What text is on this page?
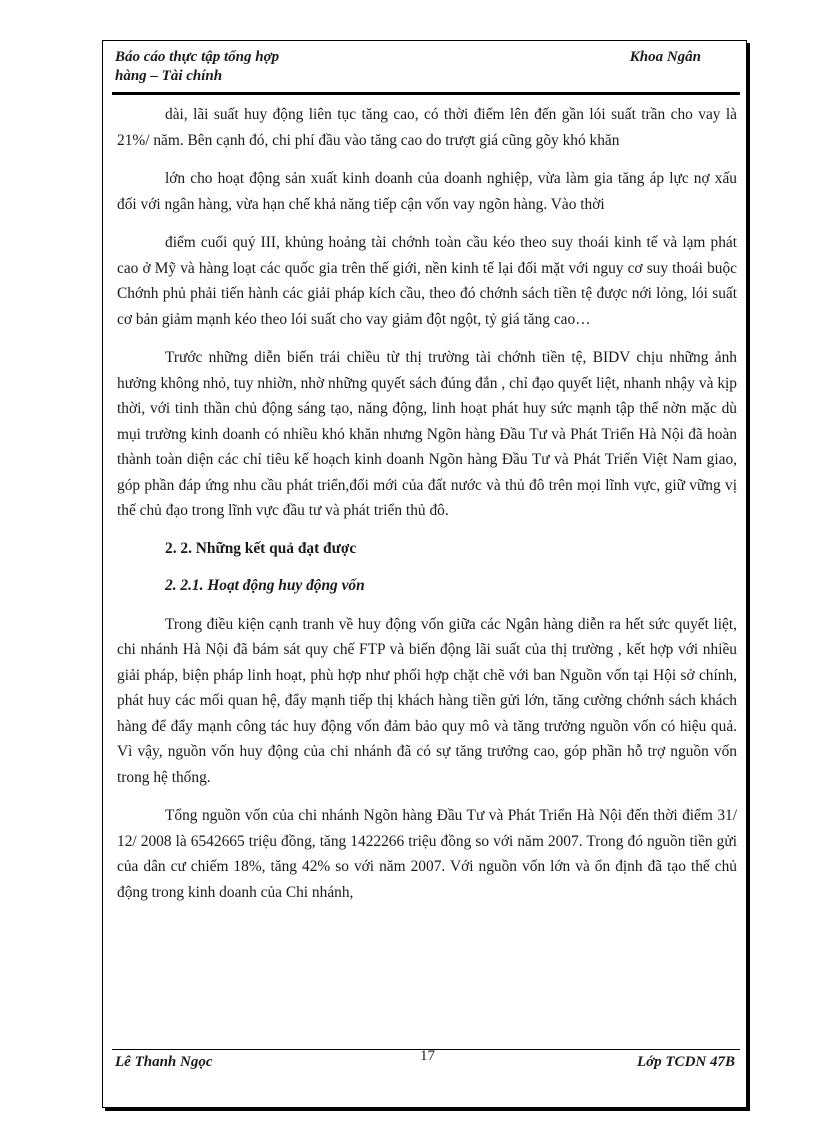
Báo cáo thực tập tổng hợp
hàng – Tài chính
Khoa Ngân

dài, lãi suất huy động liên tục tăng cao, có thời điểm lên đến gần lói suất trần cho vay là 21%/ năm. Bên cạnh đó, chi phí đầu vào tăng cao do trượt giá cũng gõy khó khăn

lớn cho hoạt động sản xuất kinh doanh của doanh nghiệp, vừa làm gia tăng áp lực nợ xấu đối với ngân hàng, vừa hạn chế khả năng tiếp cận vốn vay ngõn hàng. Vào thời

điểm cuối quý III, khủng hoảng tài chớnh toàn cầu kéo theo suy thoái kinh tế và lạm phát cao ở Mỹ và hàng loạt các quốc gia trên thế giới, nền kinh tế lại đối mặt với nguy cơ suy thoái buộc Chớnh phủ phải tiến hành các giải pháp kích cầu, theo đó chớnh sách tiền tệ được nới lỏng, lói suất cơ bản giảm mạnh kéo theo lói suất cho vay giảm đột ngột, tỷ giá tăng cao…

Trước những diễn biến trái chiều từ thị trường tài chớnh tiền tệ, BIDV chịu những ảnh hưởng không nhỏ, tuy nhiờn, nhờ những quyết sách đúng đắn , chỉ đạo quyết liệt, nhanh nhậy và kịp thời, với tinh thần chủ động sáng tạo, năng động, linh hoạt phát huy sức mạnh tập thể nờn mặc dù mụi trường kinh doanh có nhiều khó khăn nhưng Ngõn hàng Đầu Tư và Phát Triển Hà Nội đã hoàn thành toàn diện các chỉ tiêu kế hoạch kinh doanh Ngõn hàng Đầu Tư và Phát Triển Việt Nam giao, góp phần đáp ứng nhu cầu phát triển,đổi mới của đất nước và thủ đô trên mọi lĩnh vực, giữ vững vị thế chủ đạo trong lĩnh vực đầu tư và phát triển thủ đô.

2. 2. Những kết quả đạt được
2. 2.1. Hoạt động huy động vốn

Trong điều kiện cạnh tranh về huy động vốn giữa các Ngân hàng diễn ra hết sức quyết liệt, chi nhánh Hà Nội đã bám sát quy chế FTP và biến động lãi suất của thị trường , kết hợp với nhiều giải pháp, biện pháp linh hoạt, phù hợp như phối hợp chặt chẽ với ban Nguồn vốn tại Hội sở chính, phát huy các mối quan hệ, đẩy mạnh tiếp thị khách hàng tiền gửi lớn, tăng cường chớnh sách khách hàng để đẩy mạnh công tác huy động vốn đảm bảo quy mô và tăng trưởng nguồn vốn có hiệu quả. Vì vậy, nguồn vốn huy động của chi nhánh đã có sự tăng trưởng cao, góp phần hỗ trợ nguồn vốn trong hệ thống.

Tổng nguồn vốn của chi nhánh Ngõn hàng Đầu Tư và Phát Triển Hà Nội đến thời điểm 31/ 12/ 2008 là 6542665 triệu đồng, tăng 1422266 triệu đồng so với năm 2007. Trong đó nguồn tiền gửi của dân cư chiếm 18%, tăng 42% so với năm 2007. Với nguồn vốn lớn và ổn định đã tạo thế chủ động trong kinh doanh của Chi nhánh,

Lê Thanh Ngọc	Lớp TCDN 47B
17
